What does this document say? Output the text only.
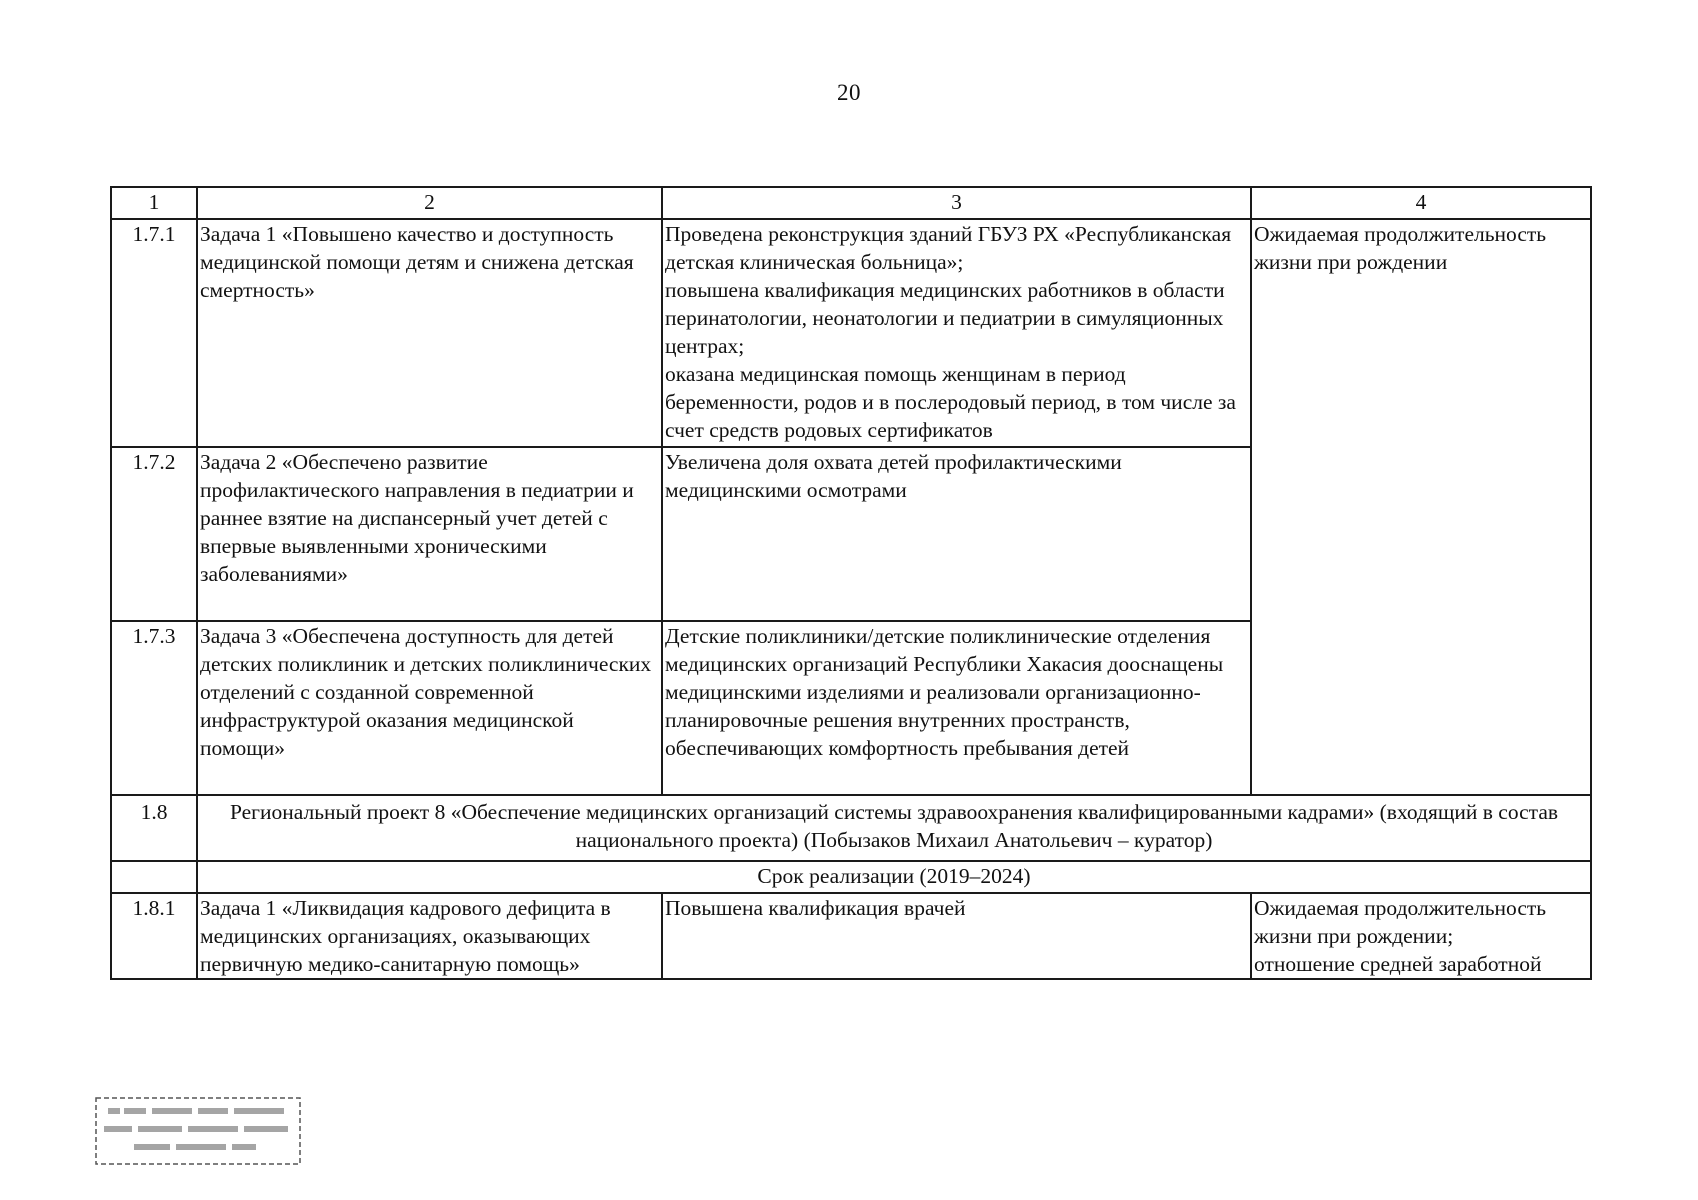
20
1	2	3	4
1.7.1	Задача 1 «Повышено качество и доступность медицинской помощи детям и снижена детская смертность»	Проведена реконструкция зданий ГБУЗ РХ «Республиканская детская клиническая больница»;
повышена квалификация медицинских работников в области перинатологии, неонатологии и педиатрии в симуляционных центрах;
оказана медицинская помощь женщинам в период беременности, родов и в послеродовый период, в том числе за счет средств родовых сертификатов	Ожидаемая продолжительность жизни при рождении
1.7.2	Задача 2 «Обеспечено развитие профилактического направления в педиатрии и раннее взятие на диспансерный учет детей с впервые выявленными хроническими заболеваниями»	Увеличена доля охвата детей профилактическими медицинскими осмотрами	
1.7.3	Задача 3 «Обеспечена доступность для детей детских поликлиник и детских поликлинических отделений с созданной современной инфраструктурой оказания медицинской помощи»	Детские поликлиники/детские поликлинические отделения медицинских организаций Республики Хакасия дооснащены медицинскими изделиями и реализовали организационно-планировочные решения внутренних пространств, обеспечивающих комфортность пребывания детей	
1.8	Региональный проект 8 «Обеспечение медицинских организаций системы здравоохранения квалифицированными кадрами» (входящий в состав национального проекта) (Побызаков Михаил Анатольевич – куратор)		
	Срок реализации (2019–2024)		
1.8.1	Задача 1 «Ликвидация кадрового дефицита в медицинских организациях, оказывающих первичную медико-санитарную помощь»	Повышена квалификация врачей	Ожидаемая продолжительность жизни при рождении;
отношение средней заработной
